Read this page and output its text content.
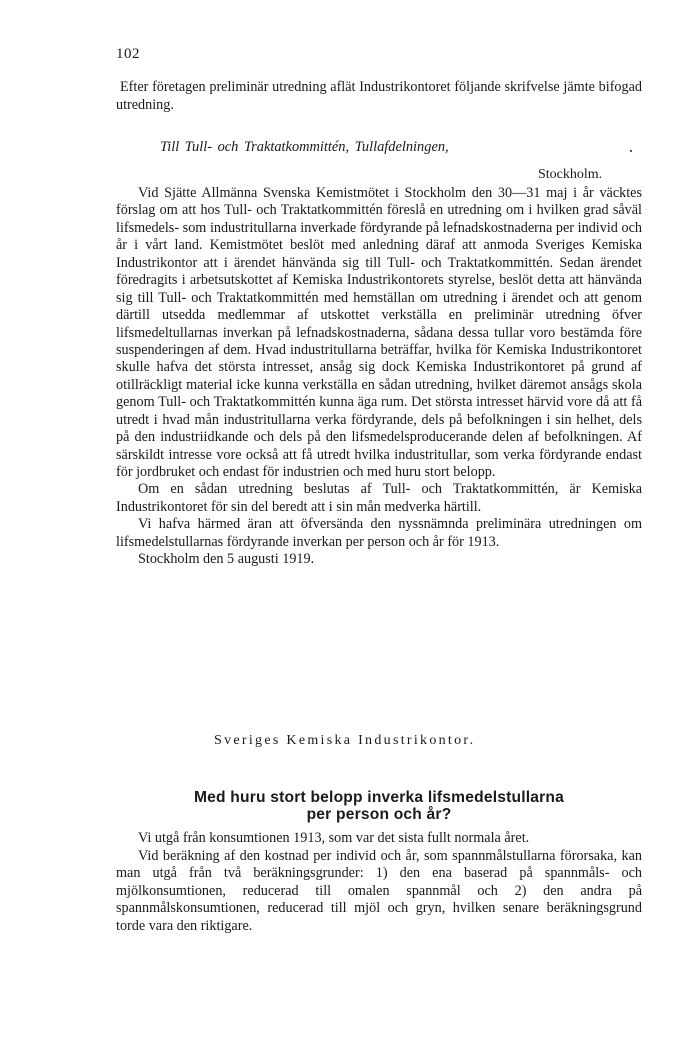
102

Efter företagen preliminär utredning aflät Industrikontoret följande skrifvelse jämte bifogad utredning.

Till Tull- och Traktatkommittén, Tullafdelningen,
Stockholm.

Vid Sjätte Allmänna Svenska Kemistmötet i Stockholm den 30—31 maj i år väcktes förslag om att hos Tull- och Traktatkommittén föreslå en utredning om i hvilken grad såväl lifsmedels- som industritullarna inverkade fördyrande på lefnadskostnaderna per individ och år i vårt land. Kemistmötet beslöt med anledning däraf att anmoda Sveriges Kemiska Industrikontor att i ärendet hänvända sig till Tull- och Traktatkommittén. Sedan ärendet föredragits i arbetsutskottet af Kemiska Industrikontorets styrelse, beslöt detta att hänvända sig till Tull- och Traktatkommittén med hemställan om utredning i ärendet och att genom därtill utsedda medlemmar af utskottet verkställa en preliminär utredning öfver lifsmedeltullarnas inverkan på lefnadskostnaderna, sådana dessa tullar voro bestämda före suspenderingen af dem. Hvad industritullarna beträffar, hvilka för Kemiska Industrikontoret skulle hafva det största intresset, ansåg sig dock Kemiska Industrikontoret på grund af otillräckligt material icke kunna verkställa en sådan utredning, hvilket däremot ansågs skola genom Tull- och Traktatkommittén kunna äga rum. Det största intresset härvid vore då att få utredt i hvad mån industritullarna verka fördyrande, dels på befolkningen i sin helhet, dels på den industriidkande och dels på den lifsmedelsproducerande delen af befolkningen. Af särskildt intresse vore också att få utredt hvilka industritullar, som verka fördyrande endast för jordbruket och endast för industrien och med huru stort belopp.

Om en sådan utredning beslutas af Tull- och Traktatkommittén, är Kemiska Industrikontoret för sin del beredt att i sin mån medverka härtill.

Vi hafva härmed äran att öfversända den nyssnämnda preliminära utredningen om lifsmedelstullarnas fördyrande inverkan per person och år för 1913.

Stockholm den 5 augusti 1919.

Sveriges Kemiska Industrikontor.
Med huru stort belopp inverka lifsmedelstullarna
per person och år?

Vi utgå från konsumtionen 1913, som var det sista fullt normala året.

Vid beräkning af den kostnad per individ och år, som spannmålstullarna förorsaka, kan man utgå från två beräkningsgrunder: 1) den ena baserad på spannmåls- och mjölkonsumtionen, reducerad till omalen spannmål och 2) den andra på spannmålskonsumtionen, reducerad till mjöl och gryn, hvilken senare beräkningsgrund torde vara den riktigare.
